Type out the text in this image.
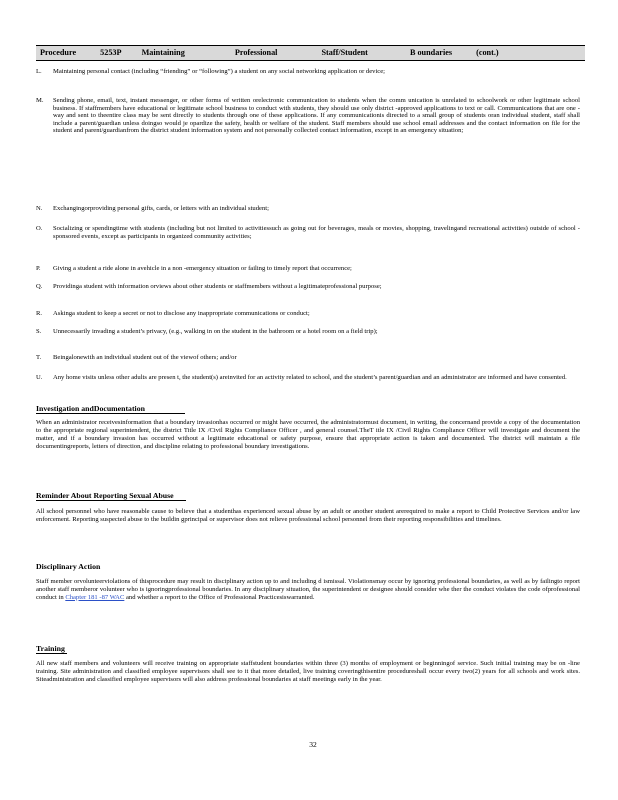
Procedure	5253P Maintaining	Professional	Staff/Student	B oundaries	(cont.)
L.	Maintaining personal contact (including “friending” or “following”) a student on any social networking application or device;
M.	Sending phone, email, text, instant messenger, or other forms of written orelectronic communication to students when the comm unication is unrelated to schoolwork or other legitimate school business. If staffmembers have educational or legitimate school business to conduct with students, they should use only district -approved applications to text or call. Communications that are one -way and sent to theentire class may be sent directly to students through one of these applications. If any communicationis directed to a small group of students oran individual student, staff shall include a parent/guardian unless doingso would je opardize the safety, health or welfare of the student. Staff members should use school email addresses and the contact information on file for the student and parent/guardianfrom the district student information system and not personally collected contact information, except in an emergency situation;
N.	Exchangingorproviding personal gifts, cards, or letters with an individual student;
O.	Socializing or spendingtime with students (including but not limited to activitiessuch as going out for beverages, meals or movies, shopping, travelingand recreational activities) outside of school -sponsored events, except as participants in organized community activities;
P.	Giving a student a ride alone in avehicle in a non -emergency situation or failing to timely report that occurrence;
Q.	Providinga student with information orviews about other students or staffmembers without a legitimateprofessional purpose;
R.	Askinga student to keep a secret or not to disclose any inappropriate communications or conduct;
S.	Unnecessarily invading a student’s privacy, (e.g., walking in on the student in the bathroom or a hotel room on a field trip);
T.	Beingalonewith an individual student out of the viewof others; and/or
U.	Any home visits unless other adults are presen t, the student(s) areinvited for an activity related to school, and the student’s parent/guardian and an administrator are informed and have consented.
Investigation andDocumentation
When an administrator receivesinformation that a boundary invasionhas occurred or might have occurred, the administratormust document, in writing, the concernand provide a copy of the documentation to the appropriate regional superintendent, the district Title IX /Civil Rights Compliance Officer , and general counsel.TheT itle IX /Civil Rights Compliance Officer will investigate and document the matter, and if a boundary invasion has occurred without a legitimate educational or safety purpose, ensure that appropriate action is taken and documented. The district will maintain a file documentingreports, letters of direction, and discipline relating to professional boundary investigations.
Reminder About Reporting Sexual Abuse
All school personnel who have reasonable cause to believe that a studenthas experienced sexual abuse by an adult or another student arerequired to make a report to Child Protective Services and/or law enforcement. Reporting suspected abuse to the buildin gprincipal or supervisor does not relieve professional school personnel from their reporting responsibilities and timelines.
Disciplinary Action
Staff member orvolunteerviolations of thisprocedure may result in disciplinary action up to and including d ismissal. Violationsmay occur by ignoring professional boundaries, as well as by failingto report another staff memberor volunteer who is ignoringprofessional boundaries. In any disciplinary situation, the superintendent or designee should consider whe ther the conduct violates the code ofprofessional conduct in Chapter 181 -87 WAC and whether a report to the Office of Professional Practicesiswarranted.
Training
All new staff members and volunteers will receive training on appropriate staffstudent boundaries within three (3) months of employment or beginningof service. Such initial training may be on -line training. Site administration and classified employee supervisors shall see to it that more detailed, live training coveringthisentire procedureshall occur every two(2) years for all schools and work sites. Siteadministration and classified employee supervisors will also address professional boundaries at staff meetings early in the year.
32
